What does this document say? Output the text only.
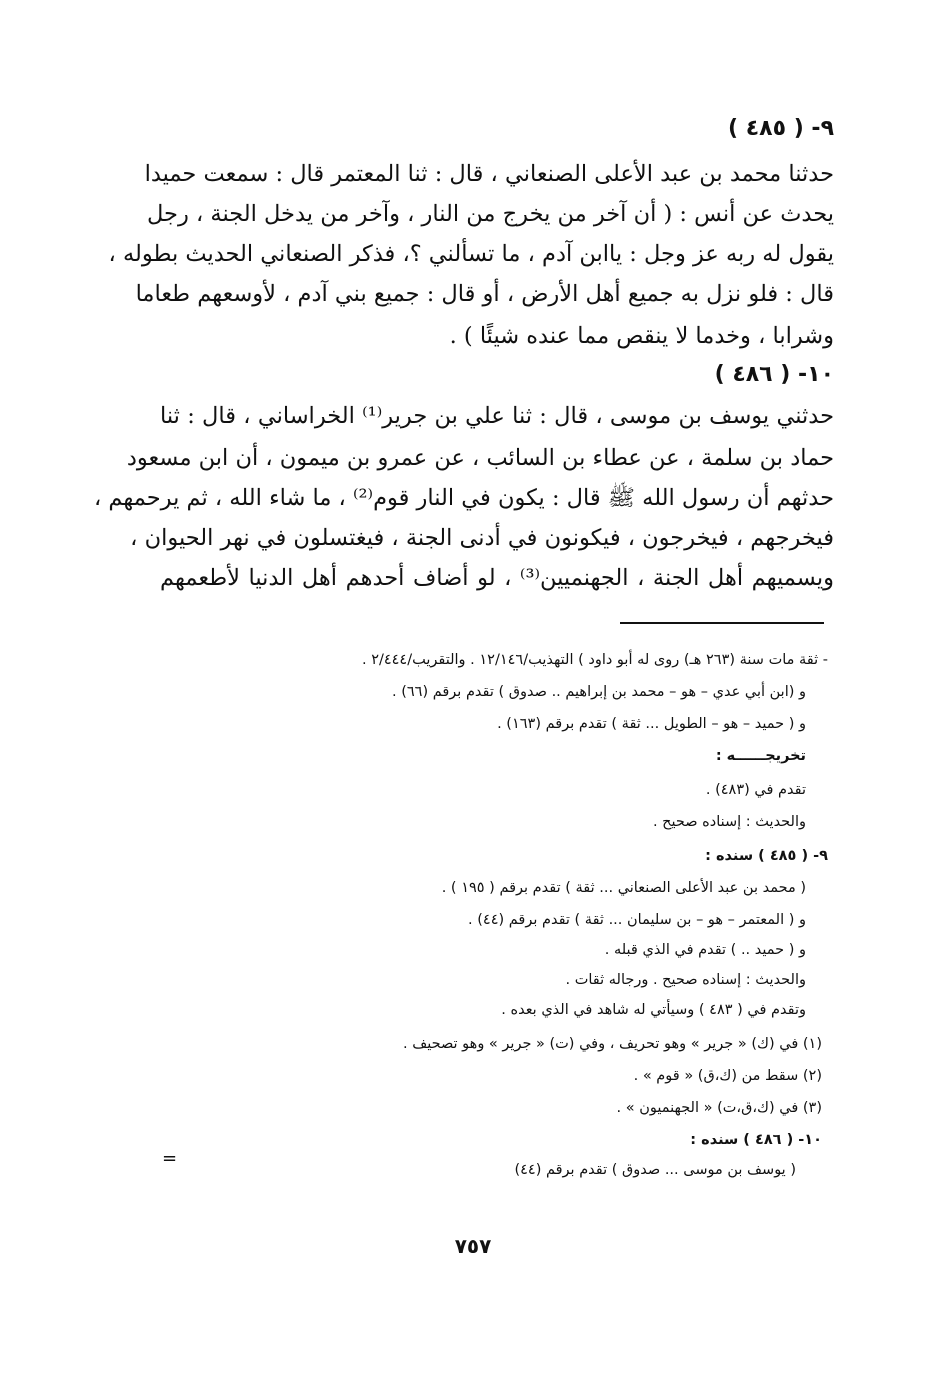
٩- ( ٤٨٥ )
حدثنا محمد بن عبد الأعلى الصنعاني ، قال : ثنا المعتمر قال : سمعت حميدا
يحدث عن أنس : ( أن آخر من يخرج من النار ، وآخر من يدخل الجنة ، رجل
يقول له ربه عز وجل : ياابن آدم ، ما تسألني ؟، فذكر الصنعاني الحديث بطوله ،
قال : فلو نزل به جميع أهل الأرض ، أو قال : جميع بني آدم ، لأوسعهم طعاما
وشرابا ، وخدما لا ينقص مما عنده شيئًا ) .
١٠- ( ٤٨٦ )
حدثني يوسف بن موسى ، قال : ثنا علي بن جرير⁽¹⁾ الخراساني ، قال : ثنا
حماد بن سلمة ، عن عطاء بن السائب ، عن عمرو بن ميمون ، أن ابن مسعود
حدثهم أن رسول الله ﷺ قال : يكون في النار قوم⁽²⁾ ، ما شاء الله ، ثم يرحمهم ،
فيخرجهم ، فيخرجون ، فيكونون في أدنى الجنة ، فيغتسلون في نهر الحيوان ،
ويسميهم أهل الجنة ، الجهنميين⁽³⁾ ، لو أضاف أحدهم أهل الدنيا لأطعمهم
- ثقة مات سنة (٢٦٣ هـ) روى له أبو داود ) التهذيب/١٢/١٤٦ . والتقريب/٢/٤٤٤ .
و (ابن أبي عدي – هو – محمد بن إبراهيم .. صدوق ) تقدم برقم (٦٦) .
و ( حميد – هو – الطويل ... ثقة ) تقدم برقم (١٦٣) .
تخريجــــــه :
تقدم في (٤٨٣) .
والحديث : إسناده صحيح .
٩- ( ٤٨٥ ) سنده :
( محمد بن عبد الأعلى الصنعاني ... ثقة ) تقدم برقم ( ١٩٥ ) .
و ( المعتمر – هو – بن سليمان ... ثقة ) تقدم برقم (٤٤) .
و ( حميد .. ) تقدم في الذي قبله .
والحديث : إسناده صحيح . ورجاله ثقات .
وتقدم في ( ٤٨٣ ) وسيأتي له شاهد في الذي بعده .
(١) في (ك) « جرير » وهو تحريف ، وفي (ت) « جرير » وهو تصحيف .
(٢) سقط من (ك،ق) « قوم » .
(٣) في (ك،ق،ت) « الجهنميون » .
١٠- ( ٤٨٦ ) سنده :
( يوسف بن موسى ... صدوق ) تقدم برقم (٤٤)
=
٧٥٧
